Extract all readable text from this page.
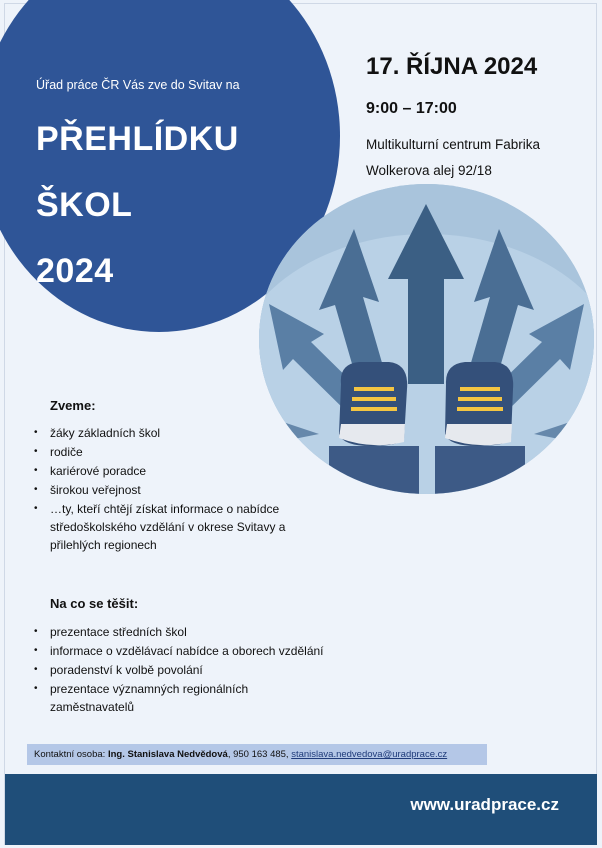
Úřad práce ČR Vás zve do Svitav na
PŘEHLÍDKU
ŠKOL
2024
17. ŘÍJNA 2024
9:00 – 17:00
Multikulturní centrum Fabrika
Wolkerova alej 92/18
Zveme:
• žáky základních škol
• rodiče
• kariérové poradce
• širokou veřejnost
• …ty, kteří chtějí získat informace o nabídce středoškolského vzdělání v okrese Svitavy a přilehlých regionech
Na co se těšit:
• prezentace středních škol
• informace o vzdělávací nabídce a oborech vzdělání
• poradenství k volbě povolání
• prezentace významných regionálních zaměstnavatelů
Kontaktní osoba: Ing. Stanislava Nedvědová, 950 163 485, stanislava.nedvedova@uradprace.cz
www.uradprace.cz
